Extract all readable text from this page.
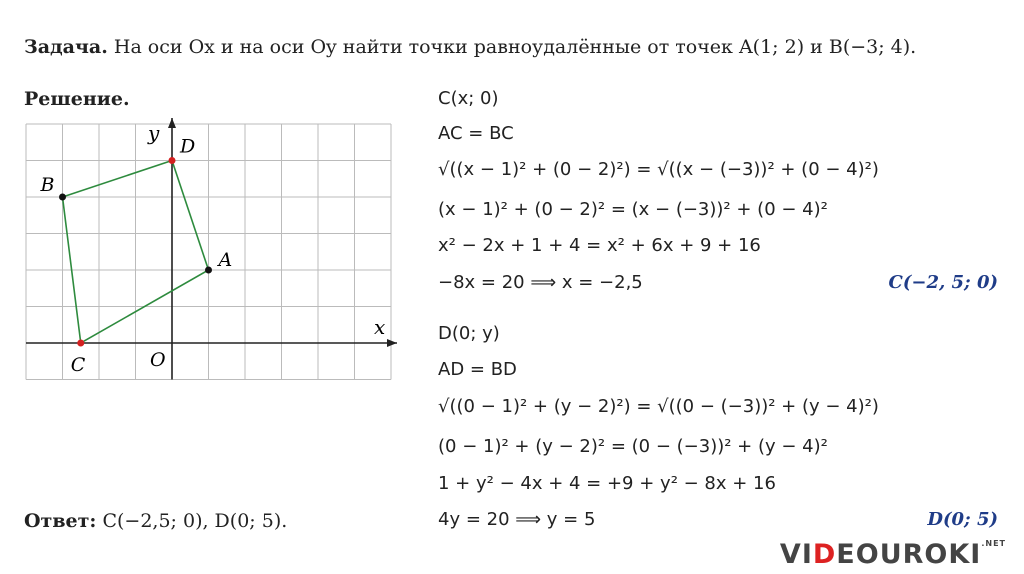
Задача. На оси Ox и на оси Oy найти точки равноудалённые от точек A(1; 2) и B(−3; 4).
Решение.
A
B
C
D
x
y
O
C(x; 0)
AC = BC
√((x − 1)² + (0 − 2)²) = √((x − (−3))² + (0 − 4)²)
(x − 1)² + (0 − 2)² = (x − (−3))² + (0 − 4)²
x² − 2x + 1 + 4 = x² + 6x + 9 + 16
−8x = 20 ⟹ x = −2,5	C(−2, 5; 0)
D(0; y)
AD = BD
√((0 − 1)² + (y − 2)²) = √((0 − (−3))² + (y − 4)²)
(0 − 1)² + (y − 2)² = (0 − (−3))² + (y − 4)²
1 + y² − 4x + 4 = +9 + y² − 8x + 16
4y = 20 ⟹ y = 5	D(0; 5)
Ответ: C(−2,5; 0), D(0; 5).
$VIDEOUROKI^{.NET}$
